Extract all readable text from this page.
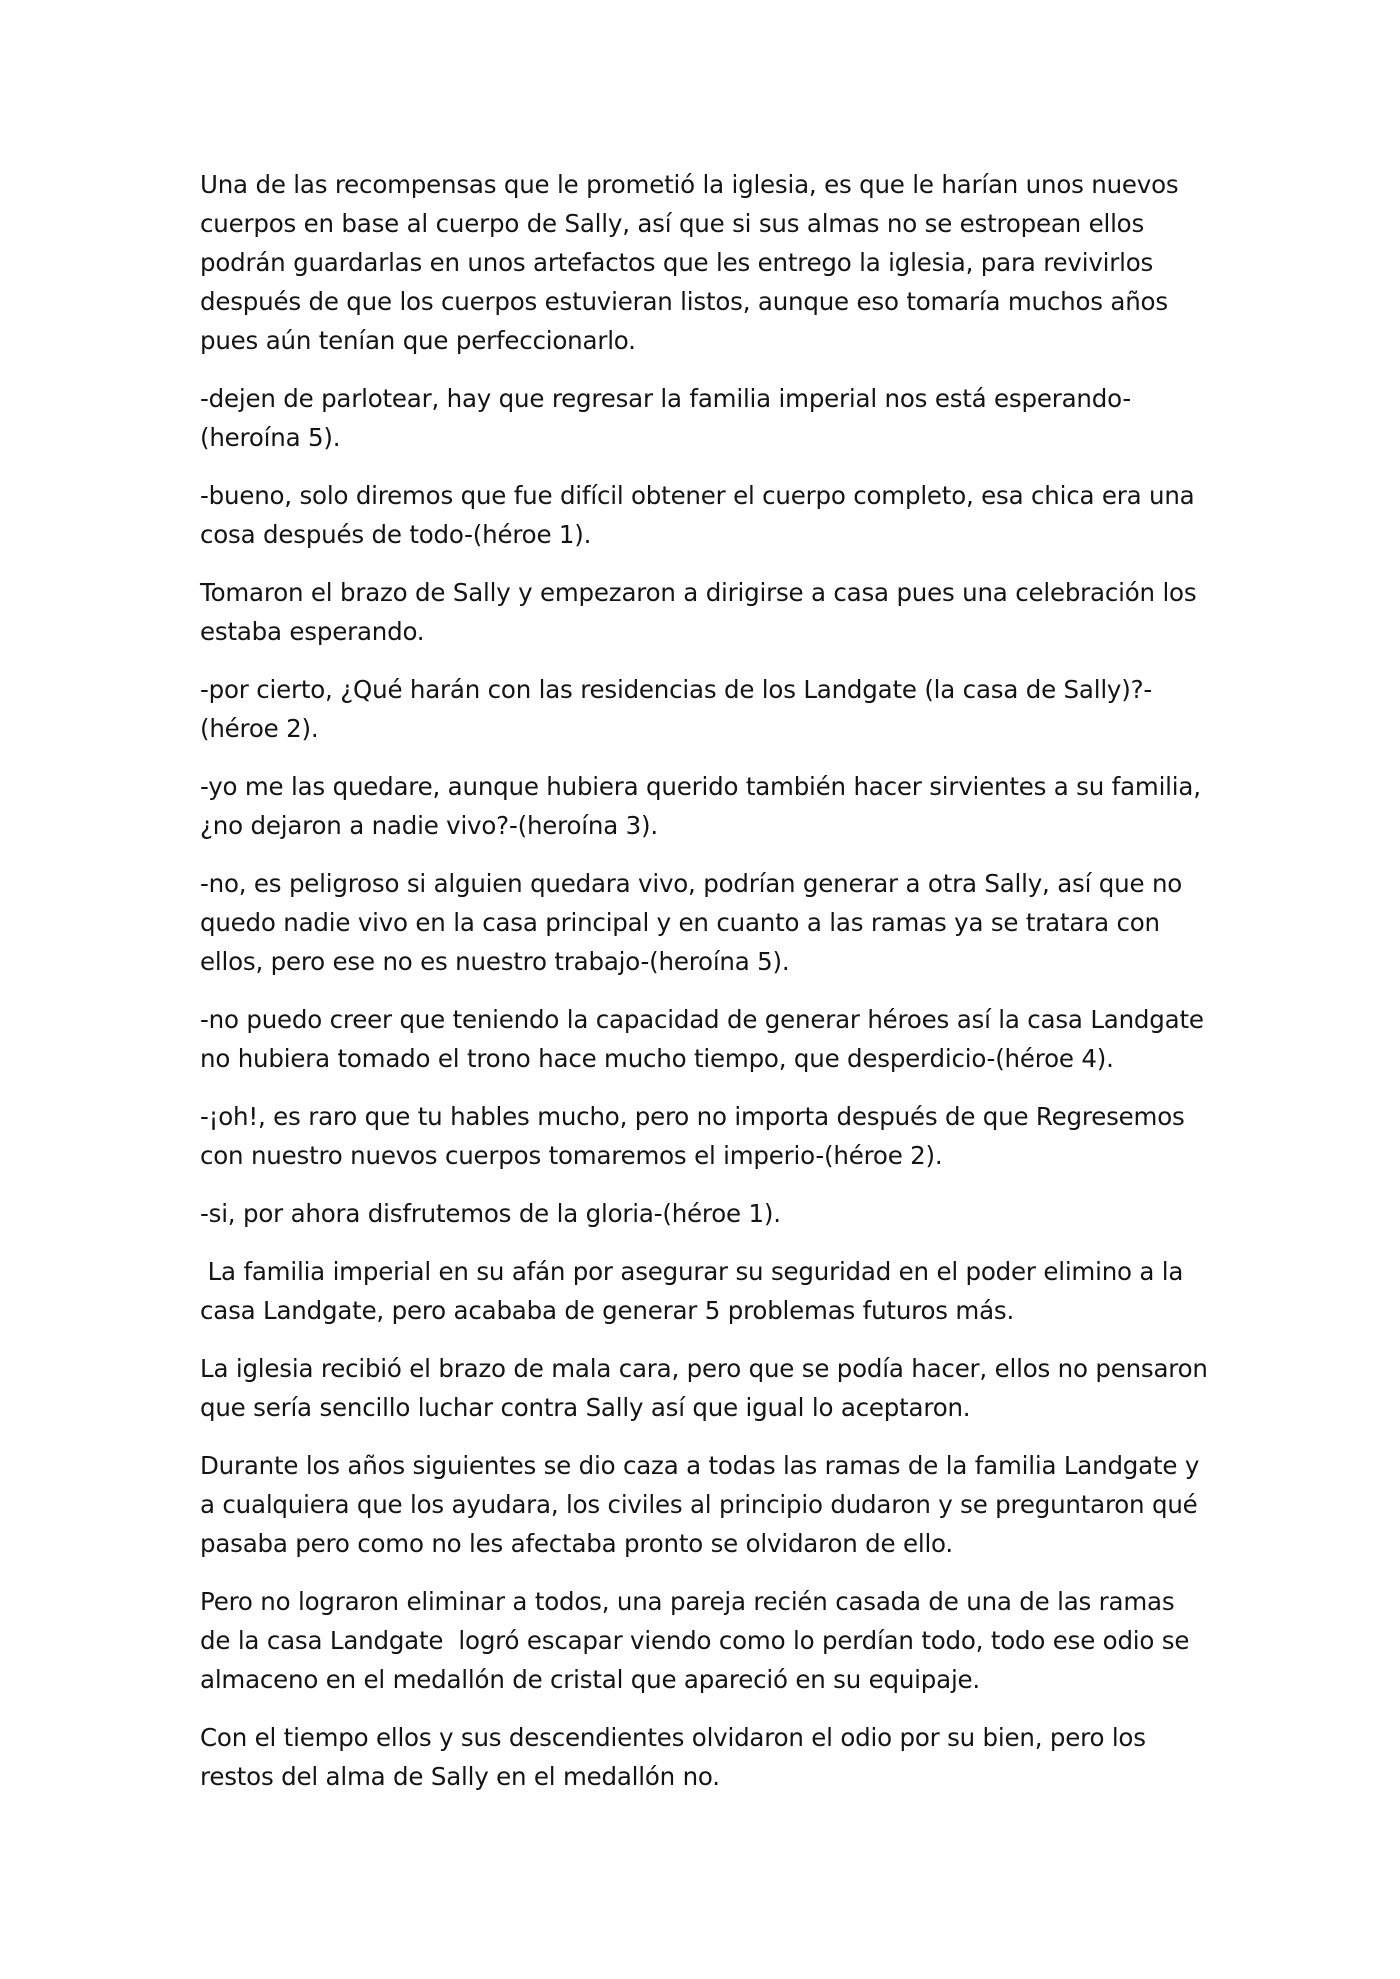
Una de las recompensas que le prometió la iglesia, es que le harían unos nuevos cuerpos en base al cuerpo de Sally, así que si sus almas no se estropean ellos podrán guardarlas en unos artefactos que les entrego la iglesia, para revivirlos después de que los cuerpos estuvieran listos, aunque eso tomaría muchos años pues aún tenían que perfeccionarlo.

-dejen de parlotear, hay que regresar la familia imperial nos está esperando-(heroína 5).

-bueno, solo diremos que fue difícil obtener el cuerpo completo, esa chica era una cosa después de todo-(héroe 1).

Tomaron el brazo de Sally y empezaron a dirigirse a casa pues una celebración los estaba esperando.

-por cierto, ¿Qué harán con las residencias de los Landgate (la casa de Sally)?-(héroe 2).

-yo me las quedare, aunque hubiera querido también hacer sirvientes a su familia, ¿no dejaron a nadie vivo?-(heroína 3).

-no, es peligroso si alguien quedara vivo, podrían generar a otra Sally, así que no quedo nadie vivo en la casa principal y en cuanto a las ramas ya se tratara con ellos, pero ese no es nuestro trabajo-(heroína 5).

-no puedo creer que teniendo la capacidad de generar héroes así la casa Landgate no hubiera tomado el trono hace mucho tiempo, que desperdicio-(héroe 4).

-¡oh!, es raro que tu hables mucho, pero no importa después de que Regresemos con nuestro nuevos cuerpos tomaremos el imperio-(héroe 2).

-si, por ahora disfrutemos de la gloria-(héroe 1).

La familia imperial en su afán por asegurar su seguridad en el poder elimino a la casa Landgate, pero acababa de generar 5 problemas futuros más.

La iglesia recibió el brazo de mala cara, pero que se podía hacer, ellos no pensaron que sería sencillo luchar contra Sally así que igual lo aceptaron.

Durante los años siguientes se dio caza a todas las ramas de la familia Landgate y a cualquiera que los ayudara, los civiles al principio dudaron y se preguntaron qué pasaba pero como no les afectaba pronto se olvidaron de ello.

Pero no lograron eliminar a todos, una pareja recién casada de una de las ramas de la casa Landgate  logró escapar viendo como lo perdían todo, todo ese odio se almaceno en el medallón de cristal que apareció en su equipaje.

Con el tiempo ellos y sus descendientes olvidaron el odio por su bien, pero los restos del alma de Sally en el medallón no.
